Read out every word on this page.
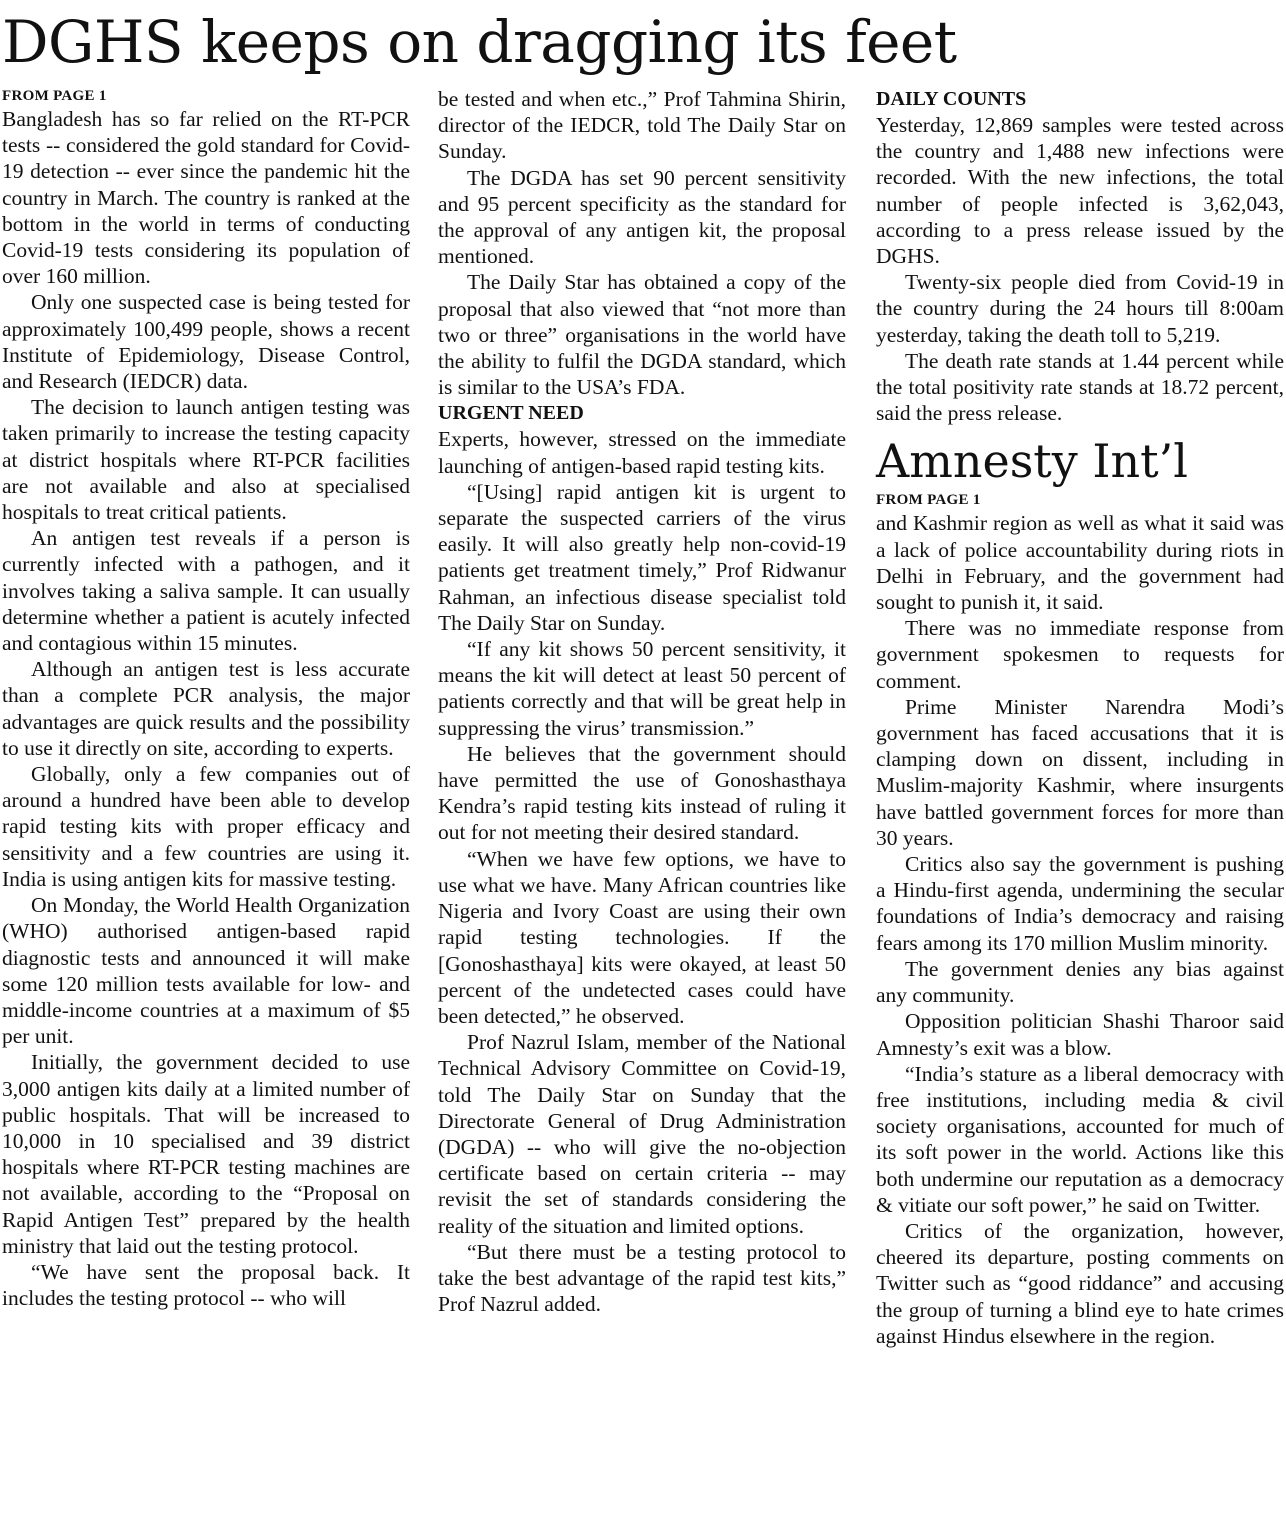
DGHS keeps on dragging its feet
FROM PAGE 1

Bangladesh has so far relied on the RT-PCR tests -- considered the gold standard for Covid-19 detection -- ever since the pandemic hit the country in March. The country is ranked at the bottom in the world in terms of conducting Covid-19 tests considering its population of over 160 million.

Only one suspected case is being tested for approximately 100,499 people, shows a recent Institute of Epidemiology, Disease Control, and Research (IEDCR) data.

The decision to launch antigen testing was taken primarily to increase the testing capacity at district hospitals where RT-PCR facilities are not available and also at specialised hospitals to treat critical patients.

An antigen test reveals if a person is currently infected with a pathogen, and it involves taking a saliva sample. It can usually determine whether a patient is acutely infected and contagious within 15 minutes.

Although an antigen test is less accurate than a complete PCR analysis, the major advantages are quick results and the possibility to use it directly on site, according to experts.

Globally, only a few companies out of around a hundred have been able to develop rapid testing kits with proper efficacy and sensitivity and a few countries are using it. India is using antigen kits for massive testing.

On Monday, the World Health Organization (WHO) authorised antigen-based rapid diagnostic tests and announced it will make some 120 million tests available for low- and middle-income countries at a maximum of $5 per unit.

Initially, the government decided to use 3,000 antigen kits daily at a limited number of public hospitals. That will be increased to 10,000 in 10 specialised and 39 district hospitals where RT-PCR testing machines are not available, according to the “Proposal on Rapid Antigen Test” prepared by the health ministry that laid out the testing protocol.

“We have sent the proposal back. It includes the testing protocol -- who will

be tested and when etc.,” Prof Tahmina Shirin, director of the IEDCR, told The Daily Star on Sunday.

The DGDA has set 90 percent sensitivity and 95 percent specificity as the standard for the approval of any antigen kit, the proposal mentioned.

The Daily Star has obtained a copy of the proposal that also viewed that “not more than two or three” organisations in the world have the ability to fulfil the DGDA standard, which is similar to the USA’s FDA.

URGENT NEED

Experts, however, stressed on the immediate launching of antigen-based rapid testing kits.

“[Using] rapid antigen kit is urgent to separate the suspected carriers of the virus easily. It will also greatly help non-covid-19 patients get treatment timely,” Prof Ridwanur Rahman, an infectious disease specialist told The Daily Star on Sunday.

“If any kit shows 50 percent sensitivity, it means the kit will detect at least 50 percent of patients correctly and that will be great help in suppressing the virus’ transmission.”

He believes that the government should have permitted the use of Gonoshasthaya Kendra’s rapid testing kits instead of ruling it out for not meeting their desired standard.

“When we have few options, we have to use what we have. Many African countries like Nigeria and Ivory Coast are using their own rapid testing technologies. If the [Gonoshasthaya] kits were okayed, at least 50 percent of the undetected cases could have been detected,” he observed.

Prof Nazrul Islam, member of the National Technical Advisory Committee on Covid-19, told The Daily Star on Sunday that the Directorate General of Drug Administration (DGDA) -- who will give the no-objection certificate based on certain criteria -- may revisit the set of standards considering the reality of the situation and limited options.

“But there must be a testing protocol to take the best advantage of the rapid test kits,” Prof Nazrul added.

DAILY COUNTS

Yesterday, 12,869 samples were tested across the country and 1,488 new infections were recorded. With the new infections, the total number of people infected is 3,62,043, according to a press release issued by the DGHS.

Twenty-six people died from Covid-19 in the country during the 24 hours till 8:00am yesterday, taking the death toll to 5,219.

The death rate stands at 1.44 percent while the total positivity rate stands at 18.72 percent, said the press release.

Amnesty Int’l
FROM PAGE 1

and Kashmir region as well as what it said was a lack of police accountability during riots in Delhi in February, and the government had sought to punish it, it said.

There was no immediate response from government spokesmen to requests for comment.

Prime Minister Narendra Modi’s government has faced accusations that it is clamping down on dissent, including in Muslim-majority Kashmir, where insurgents have battled government forces for more than 30 years.

Critics also say the government is pushing a Hindu-first agenda, undermining the secular foundations of India’s democracy and raising fears among its 170 million Muslim minority.

The government denies any bias against any community.

Opposition politician Shashi Tharoor said Amnesty’s exit was a blow.

“India’s stature as a liberal democracy with free institutions, including media & civil society organisations, accounted for much of its soft power in the world. Actions like this both undermine our reputation as a democracy & vitiate our soft power,” he said on Twitter.

Critics of the organization, however, cheered its departure, posting comments on Twitter such as “good riddance” and accusing the group of turning a blind eye to hate crimes against Hindus elsewhere in the region.
